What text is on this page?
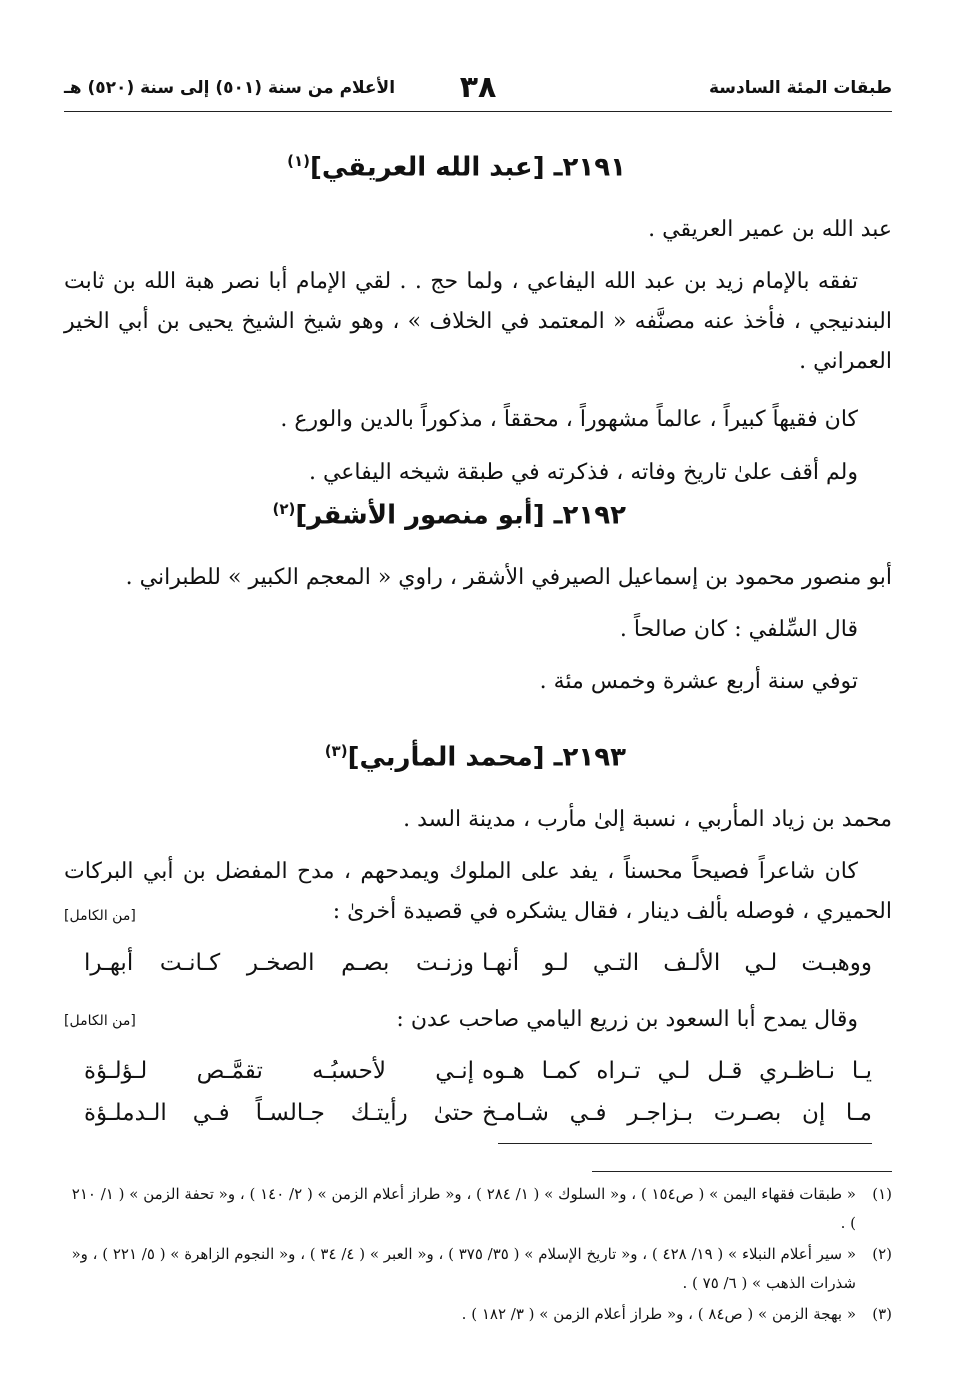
طبقات المئة السادسة
٣٨
الأعلام من سنة (٥٠١) إلى سنة (٥٢٠) هـ
٢١٩١ـ [عبد الله العريقي]$^{(١)}$
عبد الله بن عمير العريقي .
تفقه بالإمام زيد بن عبد الله اليفاعي ، ولما حج . . لقي الإمام أبا نصر هبة الله بن ثابت البندنيجي ، فأخذ عنه مصنَّفه « المعتمد في الخلاف » ، وهو شيخ الشيخ يحيى بن أبي الخير العمراني .
كان فقيهاً كبيراً ، عالماً مشهوراً ، محققاً ، مذكوراً بالدين والورع .
ولم أقف علىٰ تاريخ وفاته ، فذكرته في طبقة شيخه اليفاعي .
٢١٩٢ـ [أبو منصور الأشقر]$^{(٢)}$
أبو منصور محمود بن إسماعيل الصيرفي الأشقر ، راوي « المعجم الكبير » للطبراني .
قال السِّلفي : كان صالحاً .
توفي سنة أربع عشرة وخمس مئة .
٢١٩٣ـ [محمد المأربي]$^{(٣)}$
محمد بن زياد المأربي ، نسبة إلىٰ مأرب ، مدينة السد .
كان شاعراً فصيحاً محسناً ، يفد على الملوك ويمدحهم ، مدح المفضل بن أبي البركات الحميري ، فوصله بألف دينار ، فقال يشكره في قصيدة أخرىٰ :
[من الكامل]
ووهبـت لـي الألـف التـي لـو أنهـا
وزنـت بصـم الصخـر كـانـت أبهـرا
وقال يمدح أبا السعود بن زريع اليامي صاحب عدن :
[من الكامل]
يـا نـاظـري قـل لـي تـراه كمـا هـوه
إنـي لأحسبُـه تقمَّـص لـؤلـؤة
مـا إن بصـرت بـزاجـر فـي شـامـخ
حتىٰ رأيتـك جـالسـاً فـي الـدملـؤة
(١)
« طبقات فقهاء اليمن » ( ص١٥٤ ) ، و« السلوك » ( ١/ ٢٨٤ ) ، و« طراز أعلام الزمن » ( ٢/ ١٤٠ ) ، و« تحفة الزمن » ( ١/ ٢١٠ ) .
(٢)
« سير أعلام النبلاء » ( ١٩/ ٤٢٨ ) ، و« تاريخ الإسلام » ( ٣٥/ ٣٧٥ ) ، و« العبر » ( ٤/ ٣٤ ) ، و« النجوم الزاهرة » ( ٥/ ٢٢١ ) ، و« شذرات الذهب » ( ٦/ ٧٥ ) .
(٣)
« بهجة الزمن » ( ص٨٤ ) ، و« طراز أعلام الزمن » ( ٣/ ١٨٢ ) .
